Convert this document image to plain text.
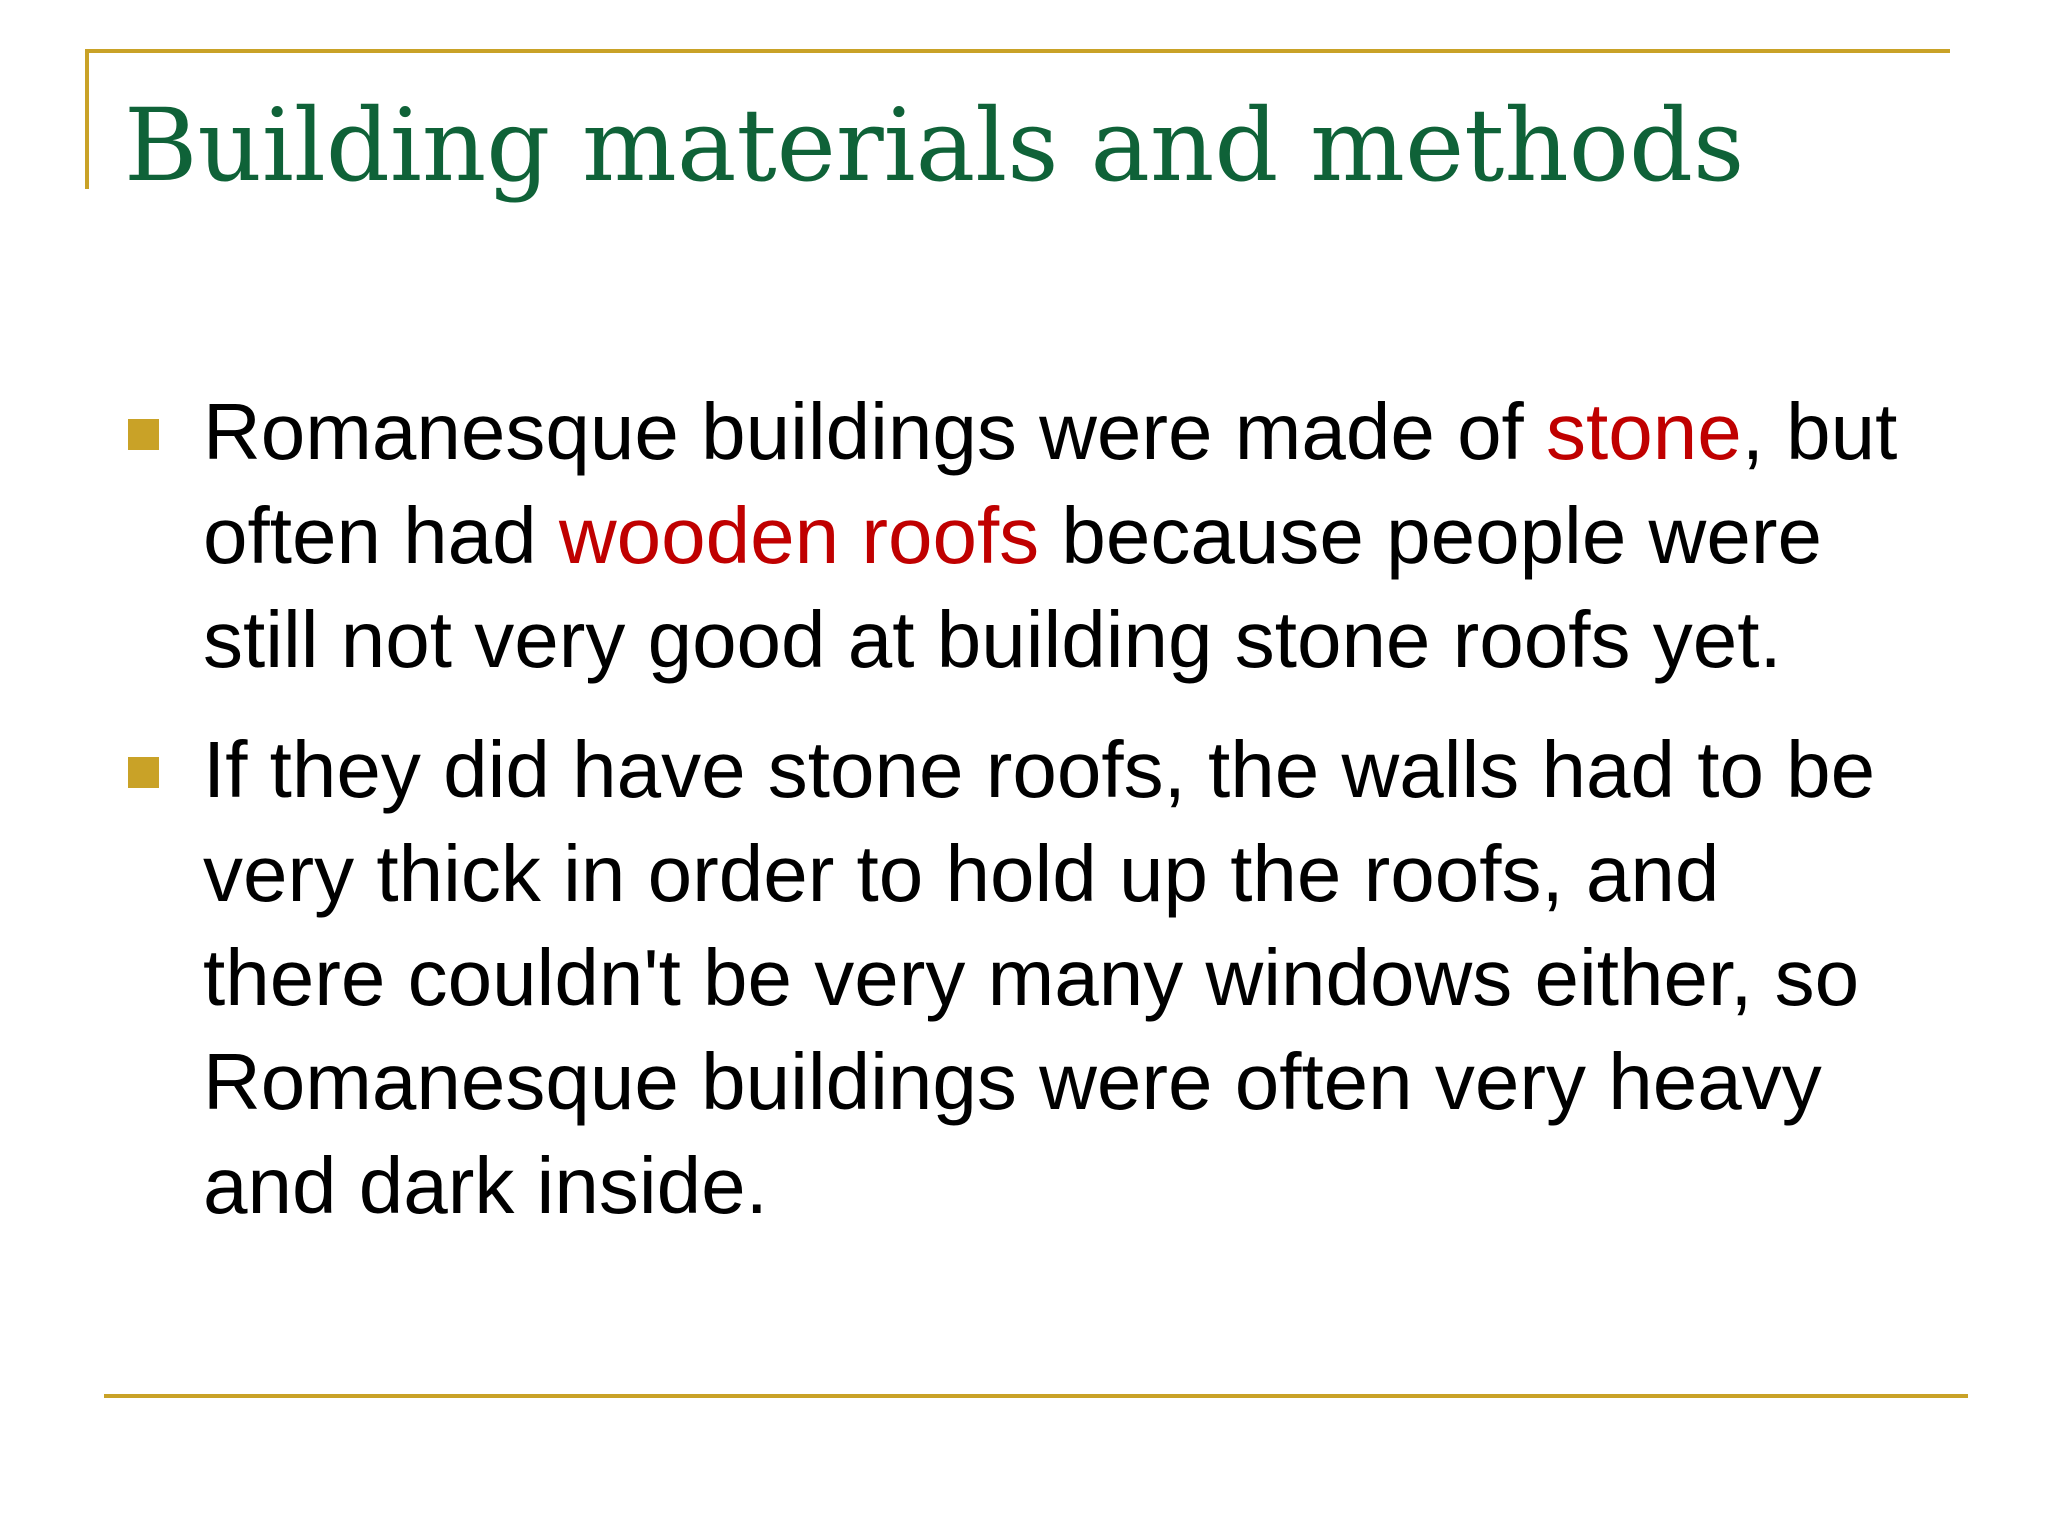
Building materials and methods
Romanesque buildings were made of stone, but often had wooden roofs because people were still not very good at building stone roofs yet.
If they did have stone roofs, the walls had to be very thick in order to hold up the roofs, and there couldn't be very many windows either, so Romanesque buildings were often very heavy and dark inside.
